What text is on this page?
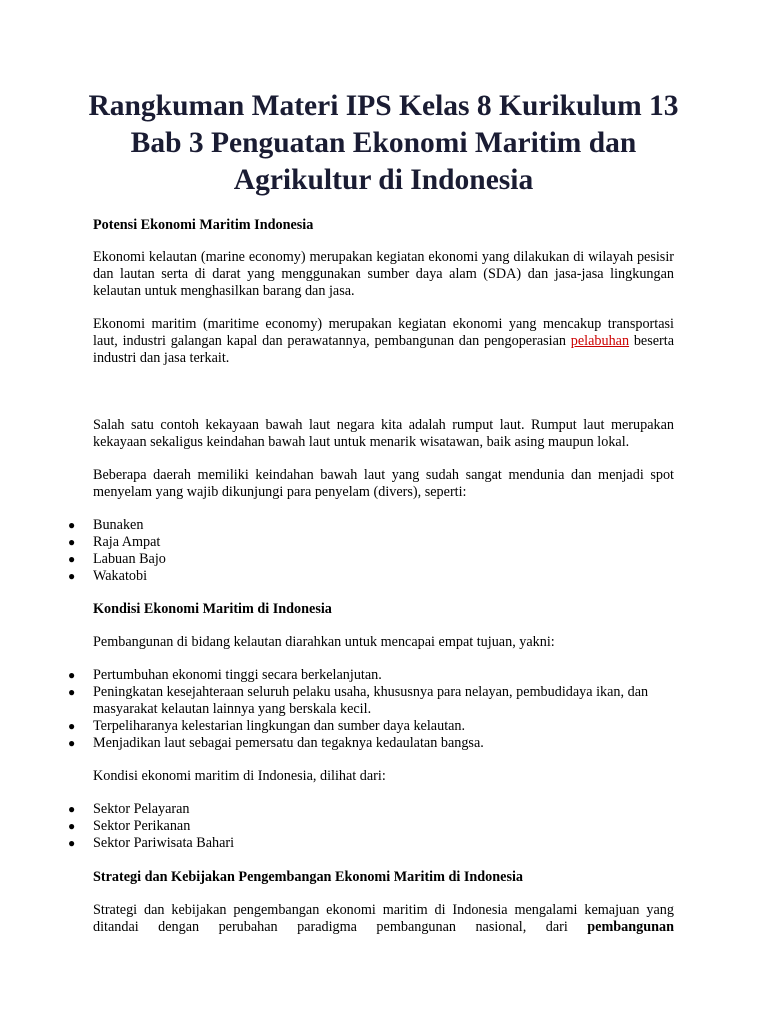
Rangkuman Materi IPS Kelas 8 Kurikulum 13 Bab 3 Penguatan Ekonomi Maritim dan Agrikultur di Indonesia
Potensi Ekonomi Maritim Indonesia

Ekonomi kelautan (marine economy) merupakan kegiatan ekonomi yang dilakukan di wilayah pesisir dan lautan serta di darat yang menggunakan sumber daya alam (SDA) dan jasa-jasa lingkungan kelautan untuk menghasilkan barang dan jasa.

Ekonomi maritim (maritime economy) merupakan kegiatan ekonomi yang mencakup transportasi laut, industri galangan kapal dan perawatannya, pembangunan dan pengoperasian pelabuhan beserta industri dan jasa terkait.

Salah satu contoh kekayaan bawah laut negara kita adalah rumput laut. Rumput laut merupakan kekayaan sekaligus keindahan bawah laut untuk menarik wisatawan, baik asing maupun lokal.

Beberapa daerah memiliki keindahan bawah laut yang sudah sangat mendunia dan menjadi spot menyelam yang wajib dikunjungi para penyelam (divers), seperti:

● Bunaken
● Raja Ampat
● Labuan Bajo
● Wakatobi
Kondisi Ekonomi Maritim di Indonesia

Pembangunan di bidang kelautan diarahkan untuk mencapai empat tujuan, yakni:

● Pertumbuhan ekonomi tinggi secara berkelanjutan.
● Peningkatan kesejahteraan seluruh pelaku usaha, khususnya para nelayan, pembudidaya ikan, dan masyarakat kelautan lainnya yang berskala kecil.
● Terpeliharanya kelestarian lingkungan dan sumber daya kelautan.
● Menjadikan laut sebagai pemersatu dan tegaknya kedaulatan bangsa.

Kondisi ekonomi maritim di Indonesia, dilihat dari:

● Sektor Pelayaran
● Sektor Perikanan
● Sektor Pariwisata Bahari
Strategi dan Kebijakan Pengembangan Ekonomi Maritim di Indonesia

Strategi dan kebijakan pengembangan ekonomi maritim di Indonesia mengalami kemajuan yang ditandai dengan perubahan paradigma pembangunan nasional, dari pembangunan
